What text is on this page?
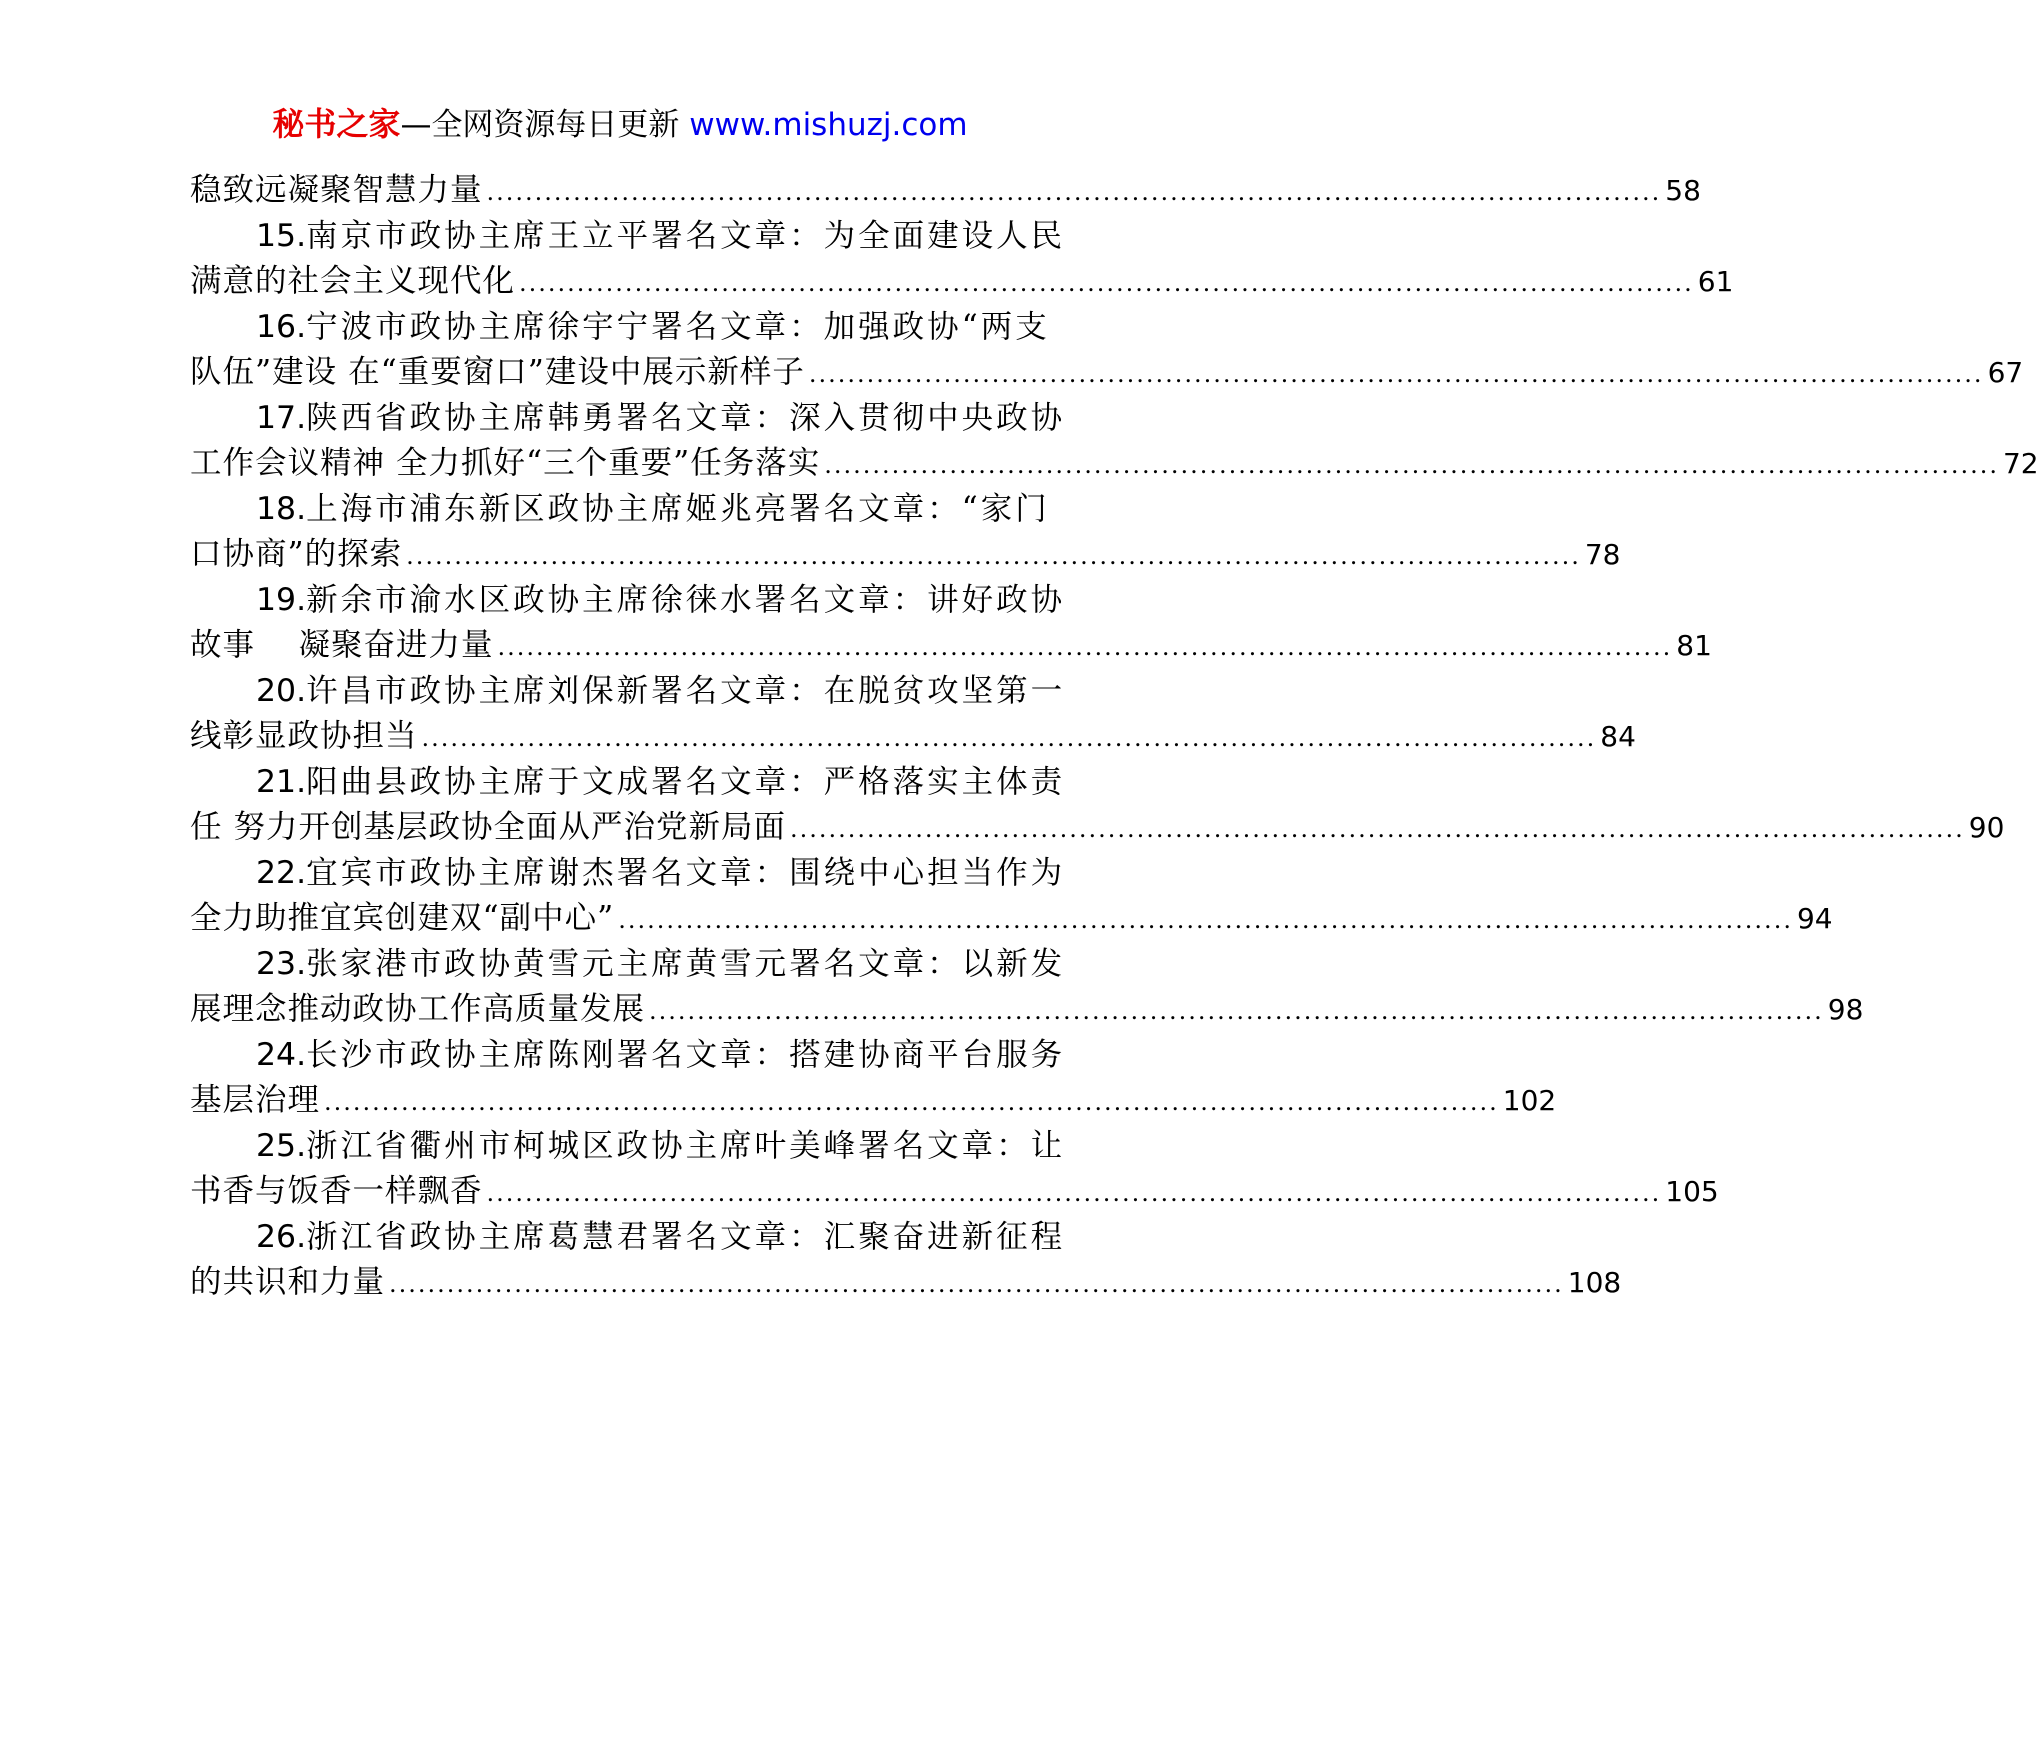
秘书之家—全网资源每日更新 www.mishuzj.com
稳致远凝聚智慧力量 .......................................................................................................................... 58
15.南京市政协主席王立平署名文章：为全面建设人民
满意的社会主义现代化 .......................................................................................................................... 61
16.宁波市政协主席徐宇宁署名文章：加强政协“两支
队伍”建设 在“重要窗口”建设中展示新样子 .......................................................................................................................... 67
17.陕西省政协主席韩勇署名文章：深入贯彻中央政协
工作会议精神 全力抓好“三个重要”任务落实 .......................................................................................................................... 72
18.上海市浦东新区政协主席姬兆亮署名文章：“家门
口协商”的探索 .......................................................................................................................... 78
19.新余市渝水区政协主席徐徕水署名文章：讲好政协
故事 　凝聚奋进力量 .......................................................................................................................... 81
20.许昌市政协主席刘保新署名文章：在脱贫攻坚第一
线彰显政协担当 .......................................................................................................................... 84
21.阳曲县政协主席于文成署名文章：严格落实主体责
任 努力开创基层政协全面从严治党新局面 .......................................................................................................................... 90
22.宜宾市政协主席谢杰署名文章：围绕中心担当作为
全力助推宜宾创建双“副中心” .......................................................................................................................... 94
23.张家港市政协黄雪元主席黄雪元署名文章：以新发
展理念推动政协工作高质量发展 .......................................................................................................................... 98
24.长沙市政协主席陈刚署名文章：搭建协商平台服务
基层治理 .......................................................................................................................... 102
25.浙江省衢州市柯城区政协主席叶美峰署名文章：让
书香与饭香一样飘香 .......................................................................................................................... 105
26.浙江省政协主席葛慧君署名文章：汇聚奋进新征程
的共识和力量 .......................................................................................................................... 108
